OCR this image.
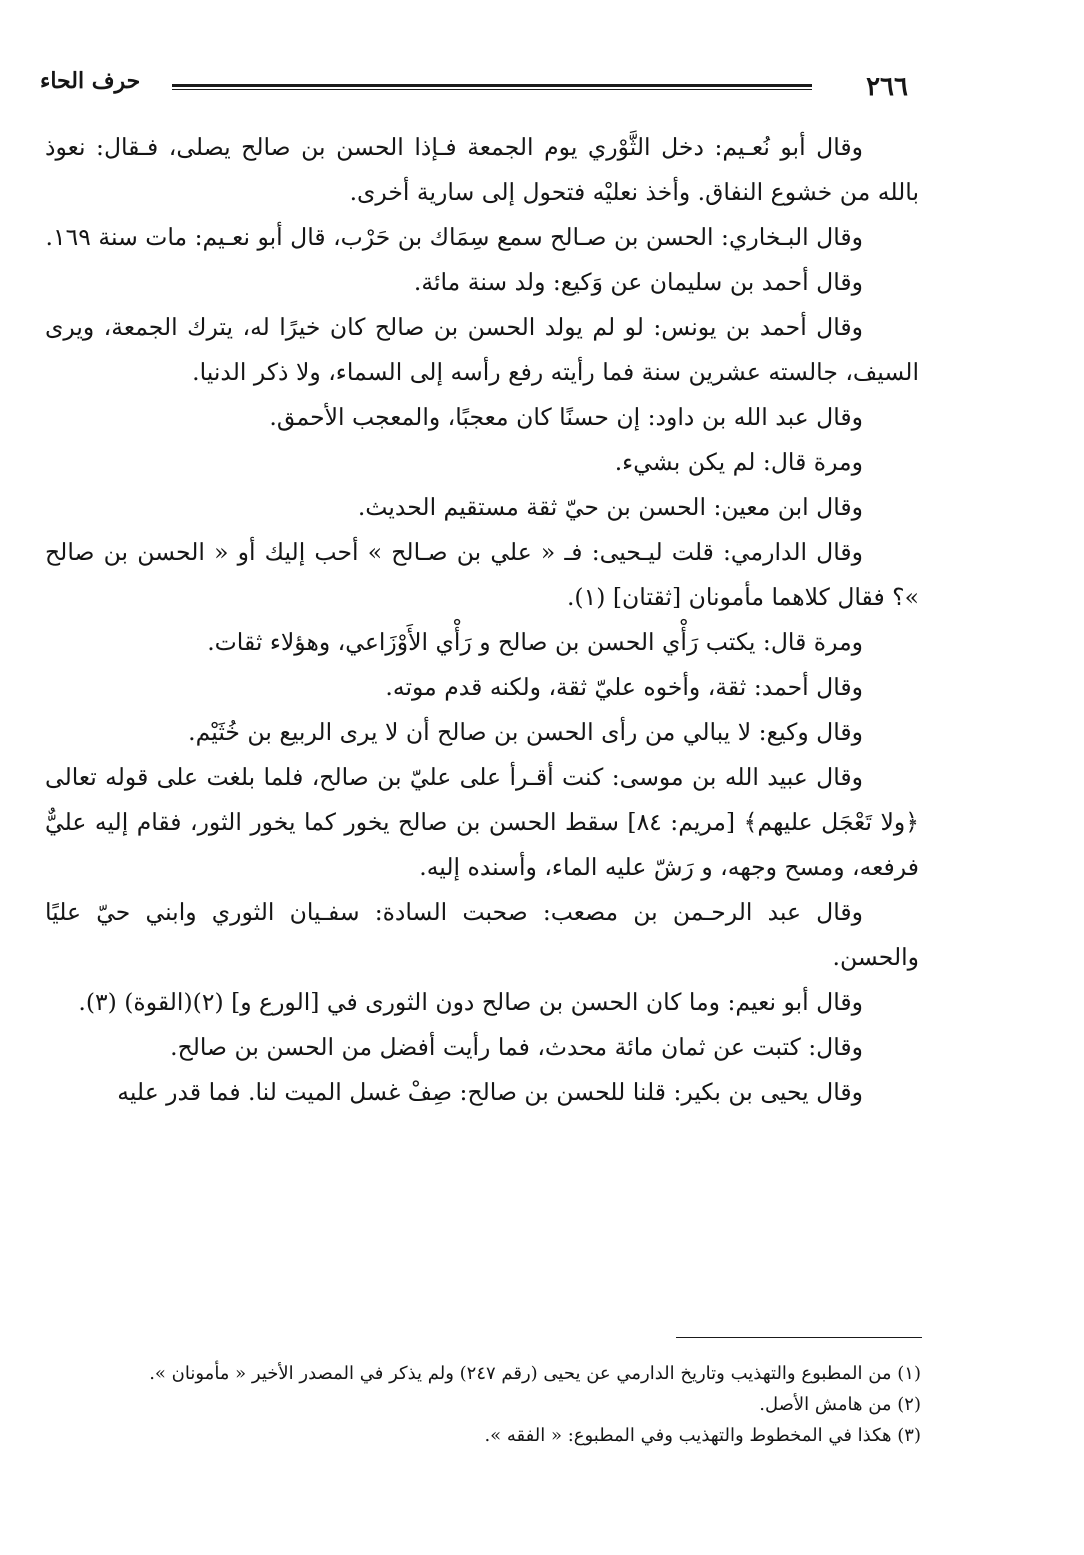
٢٦٦
حرف الحاء

وقال أبو نُعـيم: دخل الثَّوْري يوم الجمعة فـإذا الحسن بن صالح يصلى، فـقال: نعوذ بالله من خشوع النفاق. وأخذ نعليْه فتحول إلى سارية أخرى.

وقال البـخاري: الحسن بن صـالح سمع سِمَاك بن حَرْب، قال أبو نعـيم: مات سنة ١٦٩.

وقال أحمد بن سليمان عن وَكيع: ولد سنة مائة.

وقال أحمد بن يونس: لو لم يولد الحسن بن صالح كان خيرًا له، يترك الجمعة، ويرى السيف، جالسته عشرين سنة فما رأيته رفع رأسه إلى السماء، ولا ذكر الدنيا.

وقال عبد الله بن داود: إن حسنًا كان معجبًا، والمعجب الأحمق.

ومرة قال: لم يكن بشيء.

وقال ابن معين: الحسن بن حيّ ثقة مستقيم الحديث.

وقال الدارمي: قلت ليـحيى: فـ « علي بن صـالح » أحب إليك أو « الحسن بن صالح »؟ فقال كلاهما مأمونان [ثقتان] (١).

ومرة قال: يكتب رَأْي الحسن بن صالح و رَأْي الأَوْزَاعي، وهؤلاء ثقات.

وقال أحمد: ثقة، وأخوه عليّ ثقة، ولكنه قدم موته.

وقال وكيع: لا يبالي من رأى الحسن بن صالح أن لا يرى الربيع بن خُثَيْم.

وقال عبيد الله بن موسى: كنت أقـرأ على عليّ بن صالح، فلما بلغت على قوله تعالى ﴿ولا تَعْجَل عليهم﴾ [مريم: ٨٤] سقط الحسن بن صالح يخور كما يخور الثور، فقام إليه عليٌّ فرفعه، ومسح وجهه، و رَشّ عليه الماء، وأسنده إليه.

وقال عبد الرحـمن بن مصعب: صحبت السادة: سفـيان الثوري وابني حيّ عليًا والحسن.

وقال أبو نعيم: وما كان الحسن بن صالح دون الثورى في [الورع و] (٢)(القوة) (٣).

وقال: كتبت عن ثمان مائة محدث، فما رأيت أفضل من الحسن بن صالح.

وقال يحيى بن بكير: قلنا للحسن بن صالح: صِفْ غسل الميت لنا. فما قدر عليه

(١) من المطبوع والتهذيب وتاريخ الدارمي عن يحيى (رقم ٢٤٧) ولم يذكر في المصدر الأخير « مأمونان ».

(٢) من هامش الأصل.

(٣) هكذا في المخطوط والتهذيب وفي المطبوع: « الفقه ».
